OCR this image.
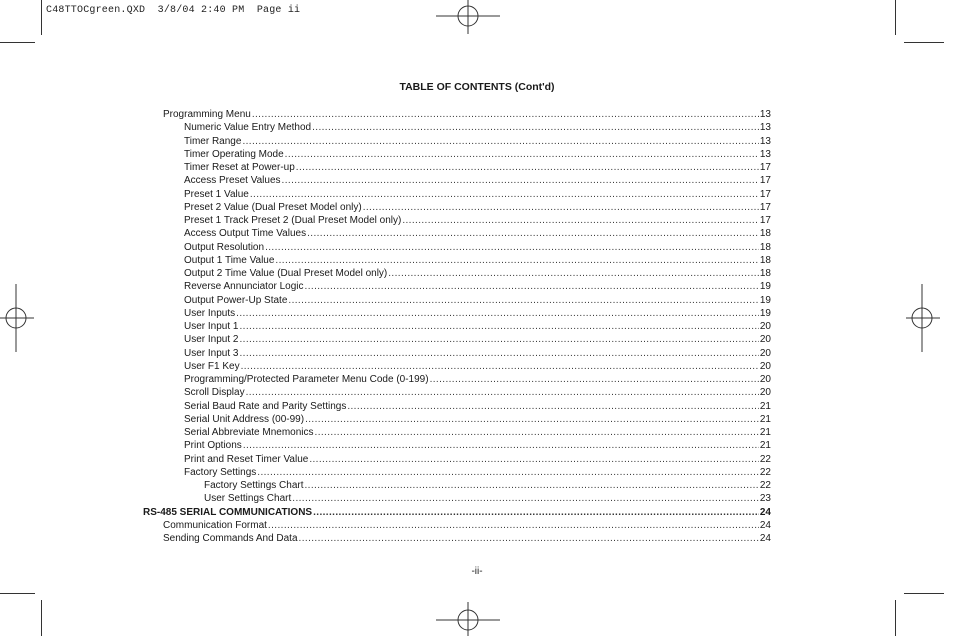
C48TTOCgreen.QXD  3/8/04 2:40 PM  Page ii
TABLE OF CONTENTS (Cont'd)
Programming Menu .....	13
Numeric Value Entry Method .....	13
Timer Range .....	13
Timer Operating Mode .....	13
Timer Reset at Power-up .....	17
Access Preset Values .....	17
Preset 1 Value .....	17
Preset 2 Value (Dual Preset Model only) .....	17
Preset 1 Track Preset 2 (Dual Preset Model only) .....	17
Access Output Time Values .....	18
Output Resolution .....	18
Output 1 Time Value .....	18
Output 2 Time Value (Dual Preset Model only) .....	18
Reverse Annunciator Logic .....	19
Output Power-Up State .....	19
User Inputs .....	19
User Input 1 .....	20
User Input 2 .....	20
User Input 3 .....	20
User F1 Key .....	20
Programming/Protected Parameter Menu Code (0-199) .....	20
Scroll Display .....	20
Serial Baud Rate and Parity Settings .....	21
Serial Unit Address (00-99) .....	21
Serial Abbreviate Mnemonics .....	21
Print Options .....	21
Print and Reset Timer Value .....	22
Factory Settings .....	22
Factory Settings Chart .....	22
User Settings Chart .....	23
RS-485 SERIAL COMMUNICATIONS .....	24
Communication Format .....	24
Sending Commands And Data .....	24
-ii-
